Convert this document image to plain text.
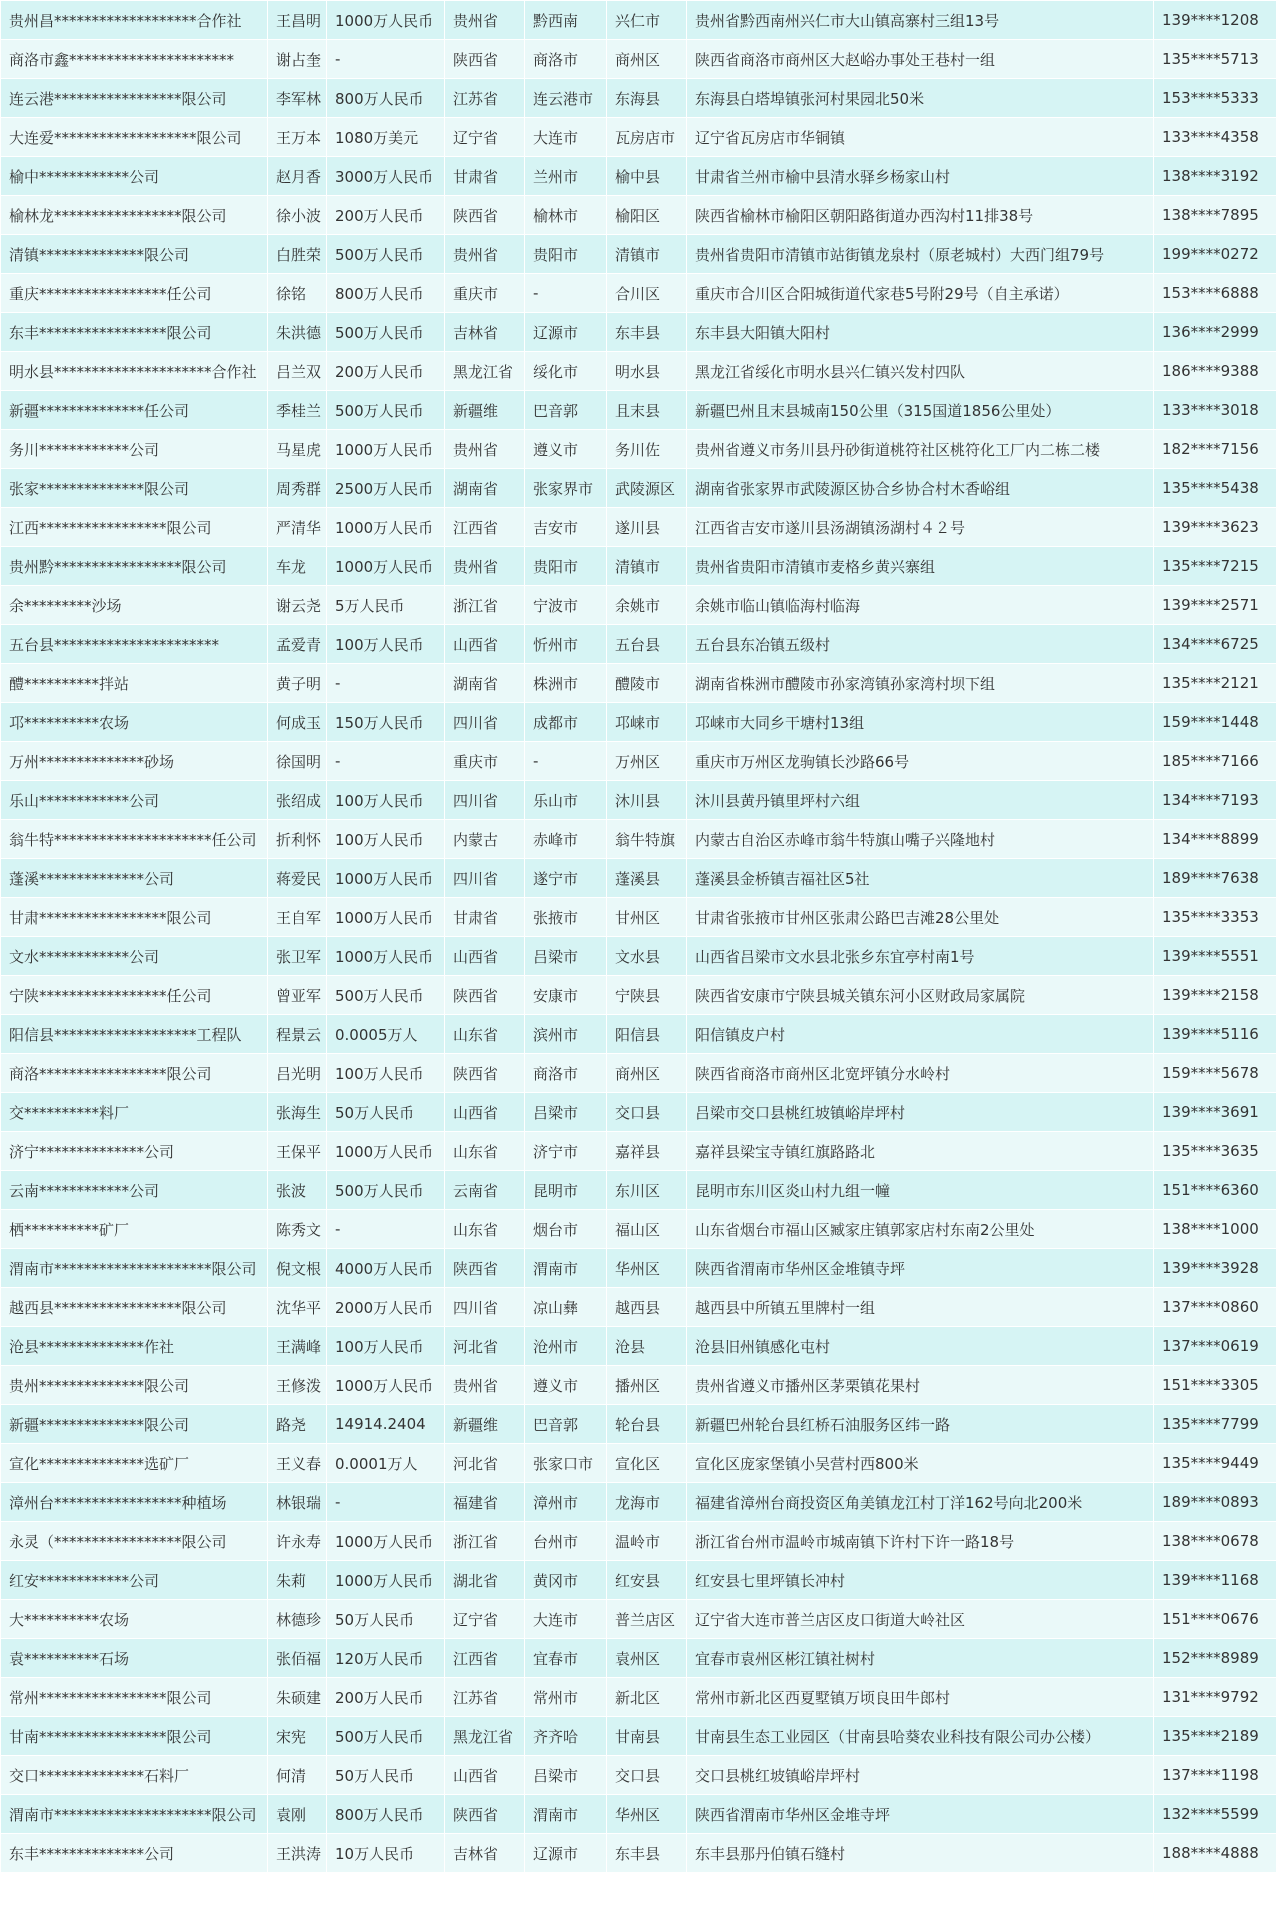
贵州昌*******************合作社	王昌明	1000万人民币	贵州省	黔西南	兴仁市	贵州省黔西南州兴仁市大山镇高寨村三组13号	139****1208
商洛市鑫**********************	谢占奎	-	陕西省	商洛市	商州区	陕西省商洛市商州区大赵峪办事处王巷村一组	135****5713
连云港*****************限公司	李军林	800万人民币	江苏省	连云港市	东海县	东海县白塔埠镇张河村果园北50米	153****5333
大连爱*******************限公司	王万本	1080万美元	辽宁省	大连市	瓦房店市	辽宁省瓦房店市华铜镇	133****4358
榆中************公司	赵月香	3000万人民币	甘肃省	兰州市	榆中县	甘肃省兰州市榆中县清水驿乡杨家山村	138****3192
榆林龙*****************限公司	徐小波	200万人民币	陕西省	榆林市	榆阳区	陕西省榆林市榆阳区朝阳路街道办西沟村11排38号	138****7895
清镇**************限公司	白胜荣	500万人民币	贵州省	贵阳市	清镇市	贵州省贵阳市清镇市站街镇龙泉村（原老城村）大西门组79号	199****0272
重庆*****************任公司	徐铭	800万人民币	重庆市	-	合川区	重庆市合川区合阳城街道代家巷5号附29号（自主承诺）	153****6888
东丰*****************限公司	朱洪德	500万人民币	吉林省	辽源市	东丰县	东丰县大阳镇大阳村	136****2999
明水县*********************合作社	吕兰双	200万人民币	黑龙江省	绥化市	明水县	黑龙江省绥化市明水县兴仁镇兴发村四队	186****9388
新疆**************任公司	季桂兰	500万人民币	新疆维	巴音郭	且末县	新疆巴州且末县城南150公里（315国道1856公里处）	133****3018
务川************公司	马星虎	1000万人民币	贵州省	遵义市	务川佐	贵州省遵义市务川县丹砂街道桃符社区桃符化工厂内二栋二楼	182****7156
张家**************限公司	周秀群	2500万人民币	湖南省	张家界市	武陵源区	湖南省张家界市武陵源区协合乡协合村木香峪组	135****5438
江西*****************限公司	严清华	1000万人民币	江西省	吉安市	遂川县	江西省吉安市遂川县汤湖镇汤湖村４２号	139****3623
贵州黔*****************限公司	车龙	1000万人民币	贵州省	贵阳市	清镇市	贵州省贵阳市清镇市麦格乡黄兴寨组	135****7215
余*********沙场	谢云尧	5万人民币	浙江省	宁波市	余姚市	余姚市临山镇临海村临海	139****2571
五台县**********************	孟爱青	100万人民币	山西省	忻州市	五台县	五台县东冶镇五级村	134****6725
醴**********拌站	黄子明	-	湖南省	株洲市	醴陵市	湖南省株洲市醴陵市孙家湾镇孙家湾村坝下组	135****2121
邛**********农场	何成玉	150万人民币	四川省	成都市	邛崃市	邛崃市大同乡干塘村13组	159****1448
万州**************砂场	徐国明	-	重庆市	-	万州区	重庆市万州区龙驹镇长沙路66号	185****7166
乐山************公司	张绍成	100万人民币	四川省	乐山市	沐川县	沐川县黄丹镇里坪村六组	134****7193
翁牛特*********************任公司	折利怀	100万人民币	内蒙古	赤峰市	翁牛特旗	内蒙古自治区赤峰市翁牛特旗山嘴子兴隆地村	134****8899
蓬溪**************公司	蒋爱民	1000万人民币	四川省	遂宁市	蓬溪县	蓬溪县金桥镇吉福社区5社	189****7638
甘肃*****************限公司	王自军	1000万人民币	甘肃省	张掖市	甘州区	甘肃省张掖市甘州区张肃公路巴吉滩28公里处	135****3353
文水************公司	张卫军	1000万人民币	山西省	吕梁市	文水县	山西省吕梁市文水县北张乡东宜亭村南1号	139****5551
宁陕*****************任公司	曾亚军	500万人民币	陕西省	安康市	宁陕县	陕西省安康市宁陕县城关镇东河小区财政局家属院	139****2158
阳信县*******************工程队	程景云	0.0005万人	山东省	滨州市	阳信县	阳信镇皮户村	139****5116
商洛*****************限公司	吕光明	100万人民币	陕西省	商洛市	商州区	陕西省商洛市商州区北宽坪镇分水岭村	159****5678
交**********料厂	张海生	50万人民币	山西省	吕梁市	交口县	吕梁市交口县桃红坡镇峪岸坪村	139****3691
济宁**************公司	王保平	1000万人民币	山东省	济宁市	嘉祥县	嘉祥县梁宝寺镇红旗路路北	135****3635
云南************公司	张波	500万人民币	云南省	昆明市	东川区	昆明市东川区炎山村九组一幢	151****6360
栖**********矿厂	陈秀文	-	山东省	烟台市	福山区	山东省烟台市福山区臧家庄镇郭家店村东南2公里处	138****1000
渭南市*********************限公司	倪文根	4000万人民币	陕西省	渭南市	华州区	陕西省渭南市华州区金堆镇寺坪	139****3928
越西县*****************限公司	沈华平	2000万人民币	四川省	凉山彝	越西县	越西县中所镇五里牌村一组	137****0860
沧县**************作社	王满峰	100万人民币	河北省	沧州市	沧县	沧县旧州镇感化屯村	137****0619
贵州**************限公司	王修泼	1000万人民币	贵州省	遵义市	播州区	贵州省遵义市播州区茅栗镇花果村	151****3305
新疆**************限公司	路尧	14914.2404	新疆维	巴音郭	轮台县	新疆巴州轮台县红桥石油服务区纬一路	135****7799
宣化**************选矿厂	王义春	0.0001万人	河北省	张家口市	宣化区	宣化区庞家堡镇小吴营村西800米	135****9449
漳州台*****************种植场	林银瑞	-	福建省	漳州市	龙海市	福建省漳州台商投资区角美镇龙江村丁洋162号向北200米	189****0893
永灵（*****************限公司	许永寿	1000万人民币	浙江省	台州市	温岭市	浙江省台州市温岭市城南镇下许村下许一路18号	138****0678
红安************公司	朱莉	1000万人民币	湖北省	黄冈市	红安县	红安县七里坪镇长冲村	139****1168
大**********农场	林德珍	50万人民币	辽宁省	大连市	普兰店区	辽宁省大连市普兰店区皮口街道大岭社区	151****0676
袁**********石场	张佰福	120万人民币	江西省	宜春市	袁州区	宜春市袁州区彬江镇社树村	152****8989
常州*****************限公司	朱硕建	200万人民币	江苏省	常州市	新北区	常州市新北区西夏墅镇万顷良田牛郎村	131****9792
甘南*****************限公司	宋宪	500万人民币	黑龙江省	齐齐哈	甘南县	甘南县生态工业园区（甘南县哈葵农业科技有限公司办公楼）	135****2189
交口**************石料厂	何清	50万人民币	山西省	吕梁市	交口县	交口县桃红坡镇峪岸坪村	137****1198
渭南市*********************限公司	袁刚	800万人民币	陕西省	渭南市	华州区	陕西省渭南市华州区金堆寺坪	132****5599
东丰**************公司	王洪涛	10万人民币	吉林省	辽源市	东丰县	东丰县那丹伯镇石缝村	188****4888
